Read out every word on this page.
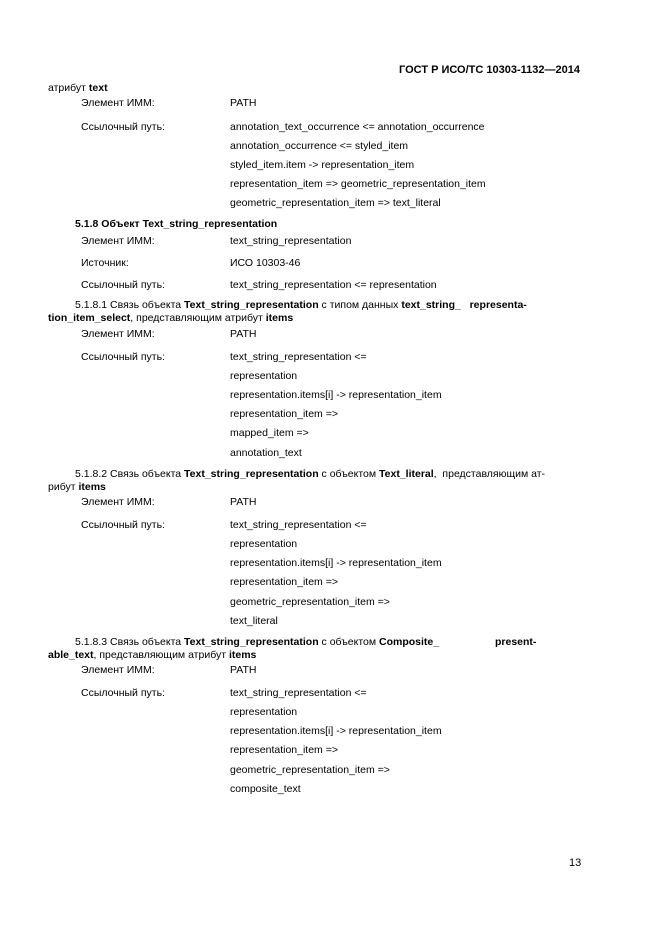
ГОСТ Р ИСО/ТС 10303-1132—2014
атрибут text
Элемент ИММ:	PATH
Ссылочный путь:	annotation_text_occurrence <= annotation_occurrence
annotation_occurrence <= styled_item
styled_item.item -> representation_item
representation_item => geometric_representation_item
geometric_representation_item => text_literal
5.1.8 Объект Text_string_representation
Элемент ИММ:	text_string_representation
Источник:	ИСО 10303-46
Ссылочный путь:	text_string_representation <= representation
5.1.8.1 Связь объекта Text_string_representation с типом данных text_string_   representa-
tion_item_select, представляющим атрибут items
Элемент ИММ:	PATH
Ссылочный путь:	text_string_representation <=
representation
representation.items[i] -> representation_item
representation_item =>
mapped_item =>
annotation_text
5.1.8.2 Связь объекта Text_string_representation с объектом Text_literal,  представляющим ат-
рибут items
Элемент ИММ:	PATH
Ссылочный путь:	text_string_representation <=
representation
representation.items[i] -> representation_item
representation_item =>
geometric_representation_item =>
text_literal
5.1.8.3 Связь объекта Text_string_representation с объектом Composite_	present-
able_text, представляющим атрибут items
Элемент ИММ:	PATH
Ссылочный путь:	text_string_representation <=
representation
representation.items[i] -> representation_item
representation_item =>
geometric_representation_item =>
composite_text
13
